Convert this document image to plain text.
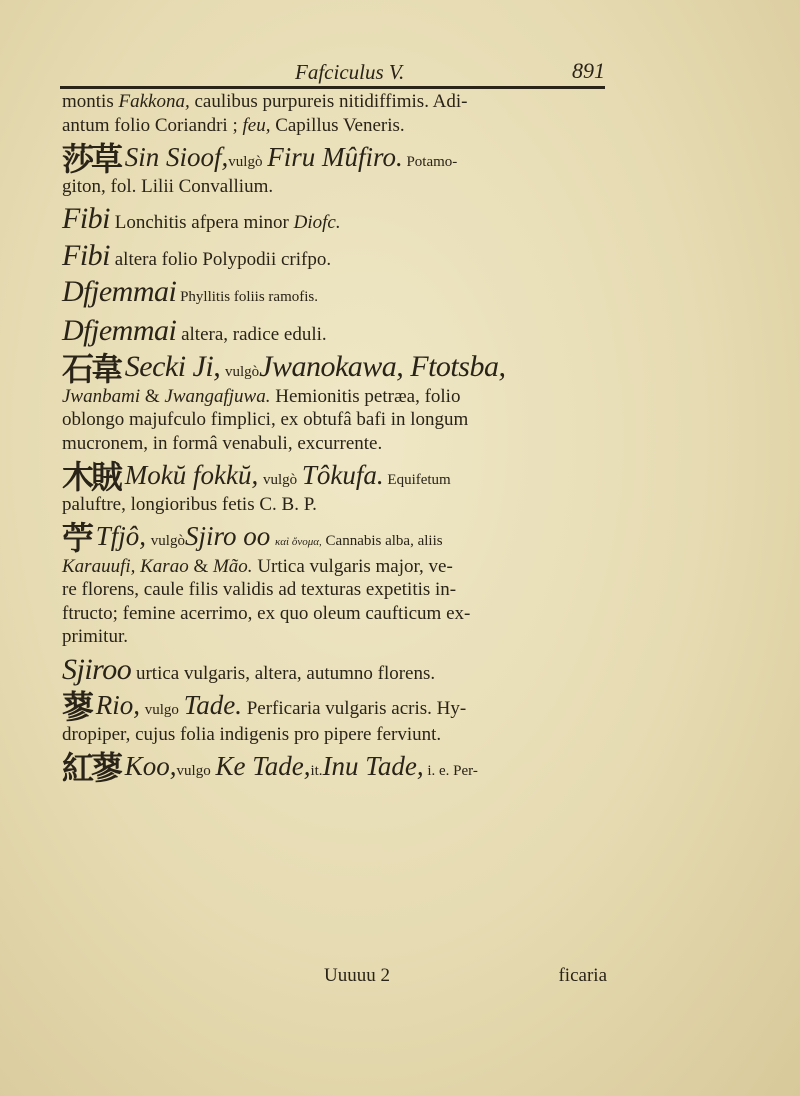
Fafciculus V.	891

montis Fakkona, caulibus purpureis nitidiffimis. Adi-
antum folio Coriandri ; feu, Capillus Veneris.

莎草 Sin Sioof,vulgò Firu Mûfiro. Potamo-
giton, fol. Lilii Convallium.

Fibi Lonchitis afpera minor Diofc.

Fibi altera folio Polypodii crifpo.

Dfjemmai Phyllitis foliis ramofis.

Dfjemmai altera, radice eduli.

石韋 Secki Ji, vulgòJwanokawa, Ftotsba,
Jwanbami & Jwangafjuwa. Hemionitis petræa, folio
oblongo majufculo fimplici, ex obtufâ bafi in longum
mucronem, in formâ venabuli, excurrente.

木賊 Mokŭ fokkŭ, vulgò Tôkufa. Equifetum
paluftre, longioribus fetis C. B. P.

苧 Tfjô, vulgòSjiro oo καὶ ὄνομα, Cannabis alba, aliis
Karauufi, Karao & Mão. Urtica vulgaris major, ve-
re florens, caule filis validis ad texturas expetitis in-
ftructo; femine acerrimo, ex quo oleum caufticum ex-
primitur.

Sjiroo urtica vulgaris, altera, autumno florens.

蓼 Rio, vulgo Tade. Perficaria vulgaris acris. Hy-
dropiper, cujus folia indigenis pro pipere ferviunt.

紅蓼 Koo,vulgo Ke Tade,it.Inu Tade, i. e. Per-

Uuuuu 2	ficaria
